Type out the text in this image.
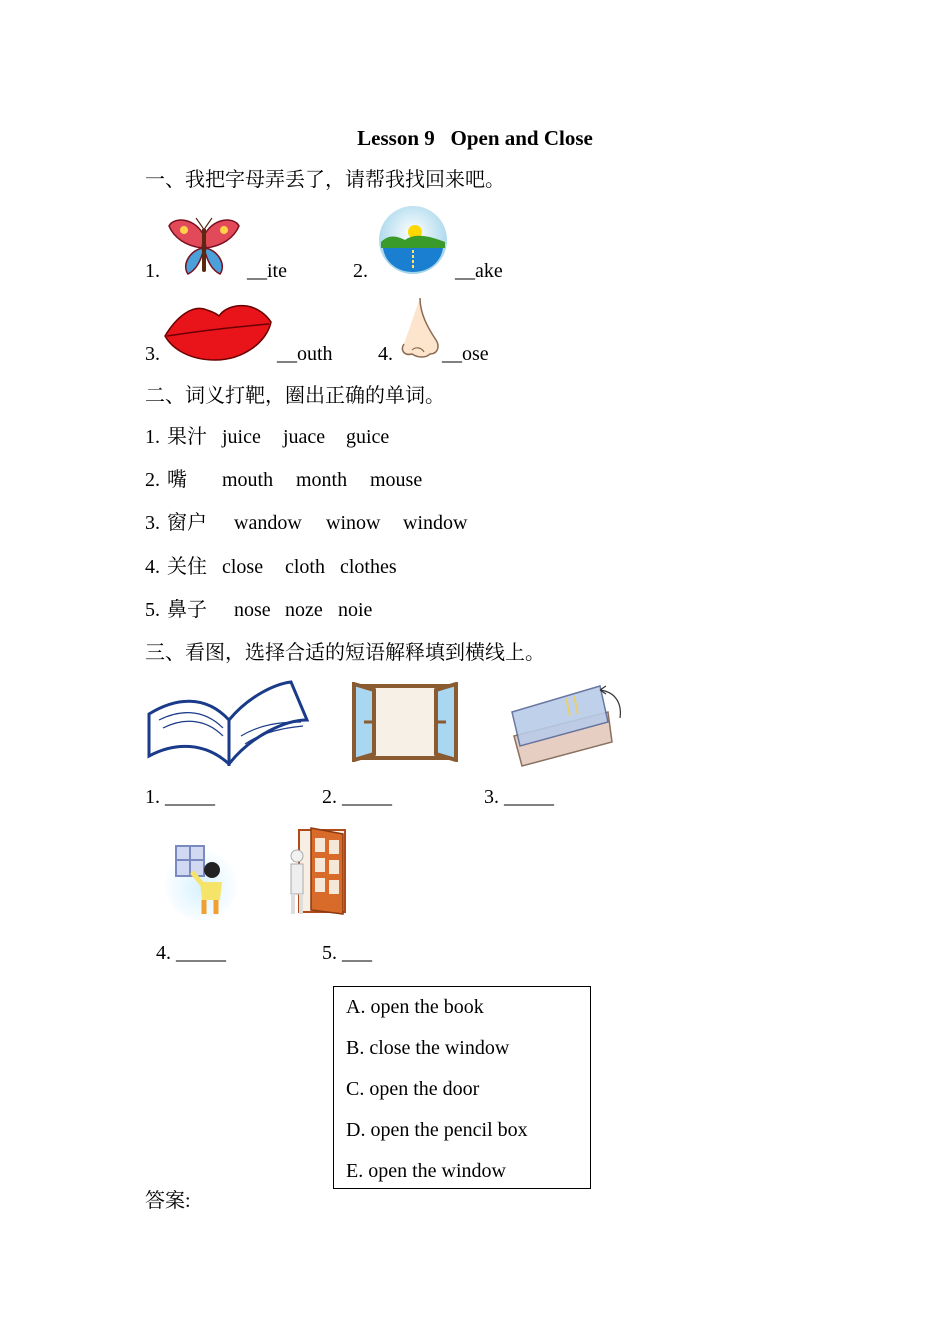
Lesson 9   Open and Close
一、我把字母弄丢了，请帮我找回来吧。
1.	__ite	2.	__ake
3.	__outh 4. __ose
二、词义打靶，圈出正确的单词。
1. 果汁 juice juace guice
2. 嘴 mouth month mouse
3. 窗户 wandow winow window
4. 关住 close cloth clothes
5. 鼻子 nose noze noie
三、看图，选择合适的短语解释填到横线上。
1. _____	2. _____	3. _____
4. _____	5. ___
A. open the book
B. close the window
C. open the door
D. open the pencil box
E. open the window
答案:
